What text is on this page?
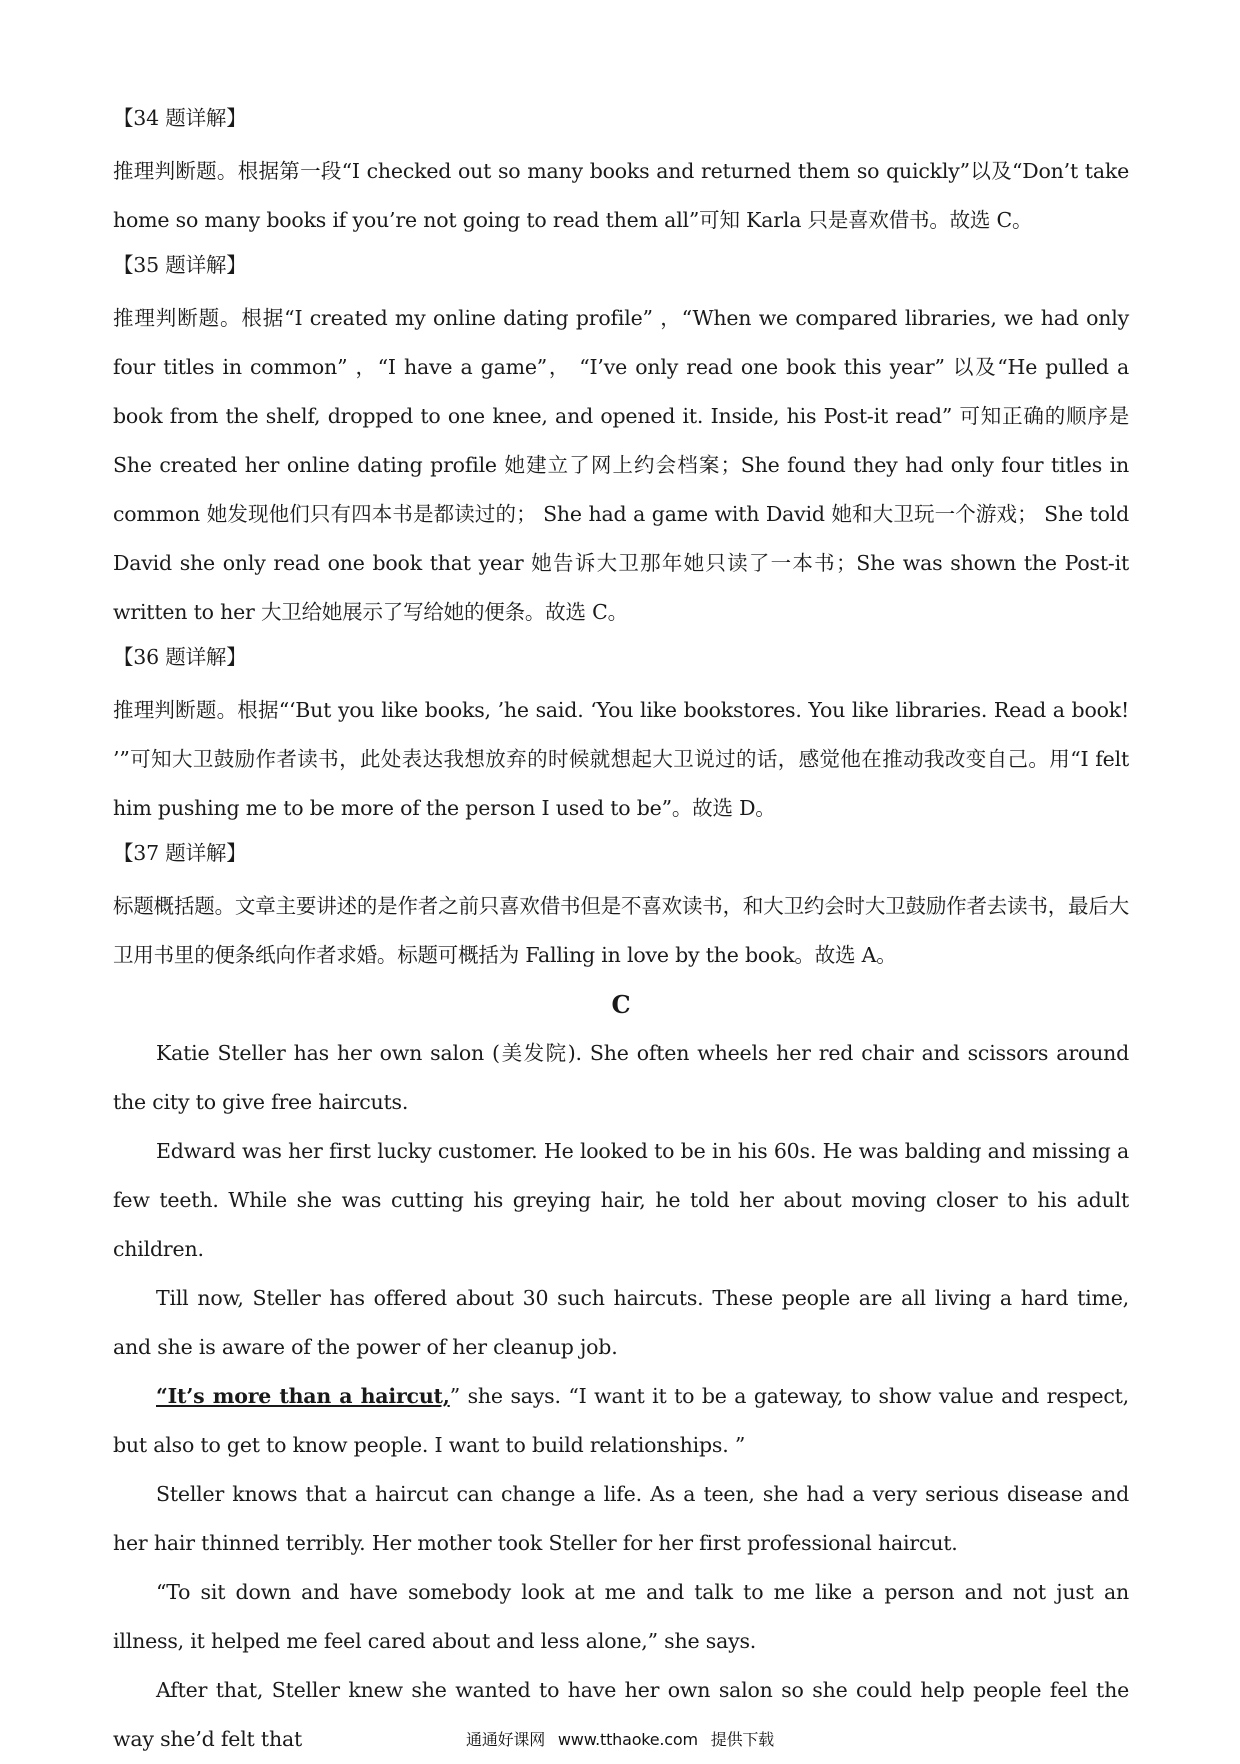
【34 题详解】
推理判断题。根据第一段“I checked out so many books and returned them so quickly”以及“Don’t take home so many books if you’re not going to read them all”可知 Karla 只是喜欢借书。故选 C。
【35 题详解】
推理判断题。根据“I created my online dating profile” ，“When we compared libraries, we had only four titles in common” ，“I have a game”， “I’ve only read one book this year” 以及“He pulled a book from the shelf, dropped to one knee, and opened it. Inside, his Post-it read” 可知正确的顺序是 She created her online dating profile 她建立了网上约会档案；She found they had only four titles in common 她发现他们只有四本书是都读过的； She had a game with David 她和大卫玩一个游戏； She told David she only read one book that year 她告诉大卫那年她只读了一本书；She was shown the Post-it written to her 大卫给她展示了写给她的便条。故选 C。
【36 题详解】
推理判断题。根据“‘But you like books, ’he said. ‘You like bookstores. You like libraries. Read a book! ’”可知大卫鼓励作者读书，此处表达我想放弃的时候就想起大卫说过的话，感觉他在推动我改变自己。用“I felt him pushing me to be more of the person I used to be”。故选 D。
【37 题详解】
标题概括题。文章主要讲述的是作者之前只喜欢借书但是不喜欢读书，和大卫约会时大卫鼓励作者去读书，最后大卫用书里的便条纸向作者求婚。标题可概括为 Falling in love by the book。故选 A。
C
Katie Steller has her own salon (美发院). She often wheels her red chair and scissors around the city to give free haircuts.
Edward was her first lucky customer. He looked to be in his 60s. He was balding and missing a few teeth. While she was cutting his greying hair, he told her about moving closer to his adult children.
Till now, Steller has offered about 30 such haircuts. These people are all living a hard time, and she is aware of the power of her cleanup job.
“It’s more than a haircut,” she says. “I want it to be a gateway, to show value and respect, but also to get to know people. I want to build relationships. ”
Steller knows that a haircut can change a life. As a teen, she had a very serious disease and her hair thinned terribly. Her mother took Steller for her first professional haircut.
“To sit down and have somebody look at me and talk to me like a person and not just an illness, it helped me feel cared about and less alone,” she says.
After that, Steller knew she wanted to have her own salon so she could help people feel the way she’d felt that	通通好课网 www.tthaoke.com 提供下载
